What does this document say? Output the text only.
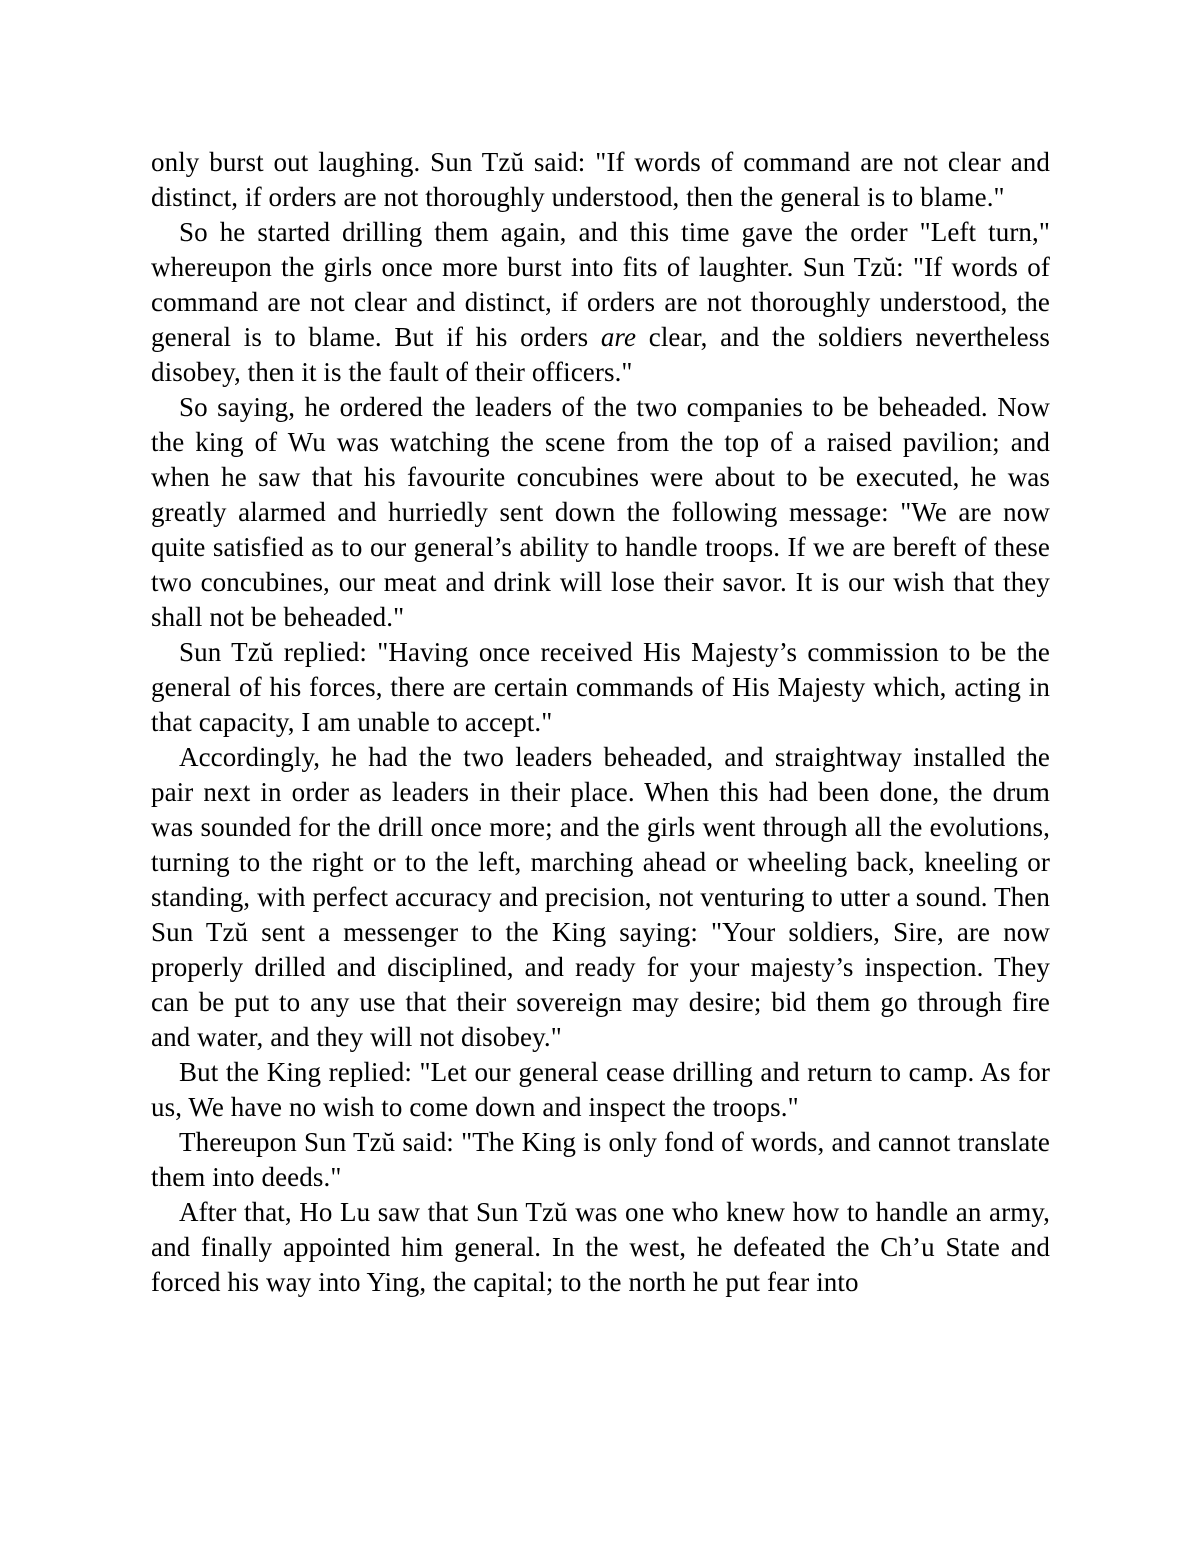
only burst out laughing. Sun Tzŭ said: "If words of command are not clear and distinct, if orders are not thoroughly understood, then the general is to blame."

So he started drilling them again, and this time gave the order "Left turn," whereupon the girls once more burst into fits of laughter. Sun Tzŭ: "If words of command are not clear and distinct, if orders are not thoroughly understood, the general is to blame. But if his orders are clear, and the soldiers nevertheless disobey, then it is the fault of their officers."

So saying, he ordered the leaders of the two companies to be beheaded. Now the king of Wu was watching the scene from the top of a raised pavilion; and when he saw that his favourite concubines were about to be executed, he was greatly alarmed and hurriedly sent down the following message: "We are now quite satisfied as to our general’s ability to handle troops. If we are bereft of these two concubines, our meat and drink will lose their savor. It is our wish that they shall not be beheaded."

Sun Tzŭ replied: "Having once received His Majesty’s commission to be the general of his forces, there are certain commands of His Majesty which, acting in that capacity, I am unable to accept."

Accordingly, he had the two leaders beheaded, and straightway installed the pair next in order as leaders in their place. When this had been done, the drum was sounded for the drill once more; and the girls went through all the evolutions, turning to the right or to the left, marching ahead or wheeling back, kneeling or standing, with perfect accuracy and precision, not venturing to utter a sound. Then Sun Tzŭ sent a messenger to the King saying: "Your soldiers, Sire, are now properly drilled and disciplined, and ready for your majesty’s inspection. They can be put to any use that their sovereign may desire; bid them go through fire and water, and they will not disobey."

But the King replied: "Let our general cease drilling and return to camp. As for us, We have no wish to come down and inspect the troops."

Thereupon Sun Tzŭ said: "The King is only fond of words, and cannot translate them into deeds."

After that, Ho Lu saw that Sun Tzŭ was one who knew how to handle an army, and finally appointed him general. In the west, he defeated the Ch’u State and forced his way into Ying, the capital; to the north he put fear into
